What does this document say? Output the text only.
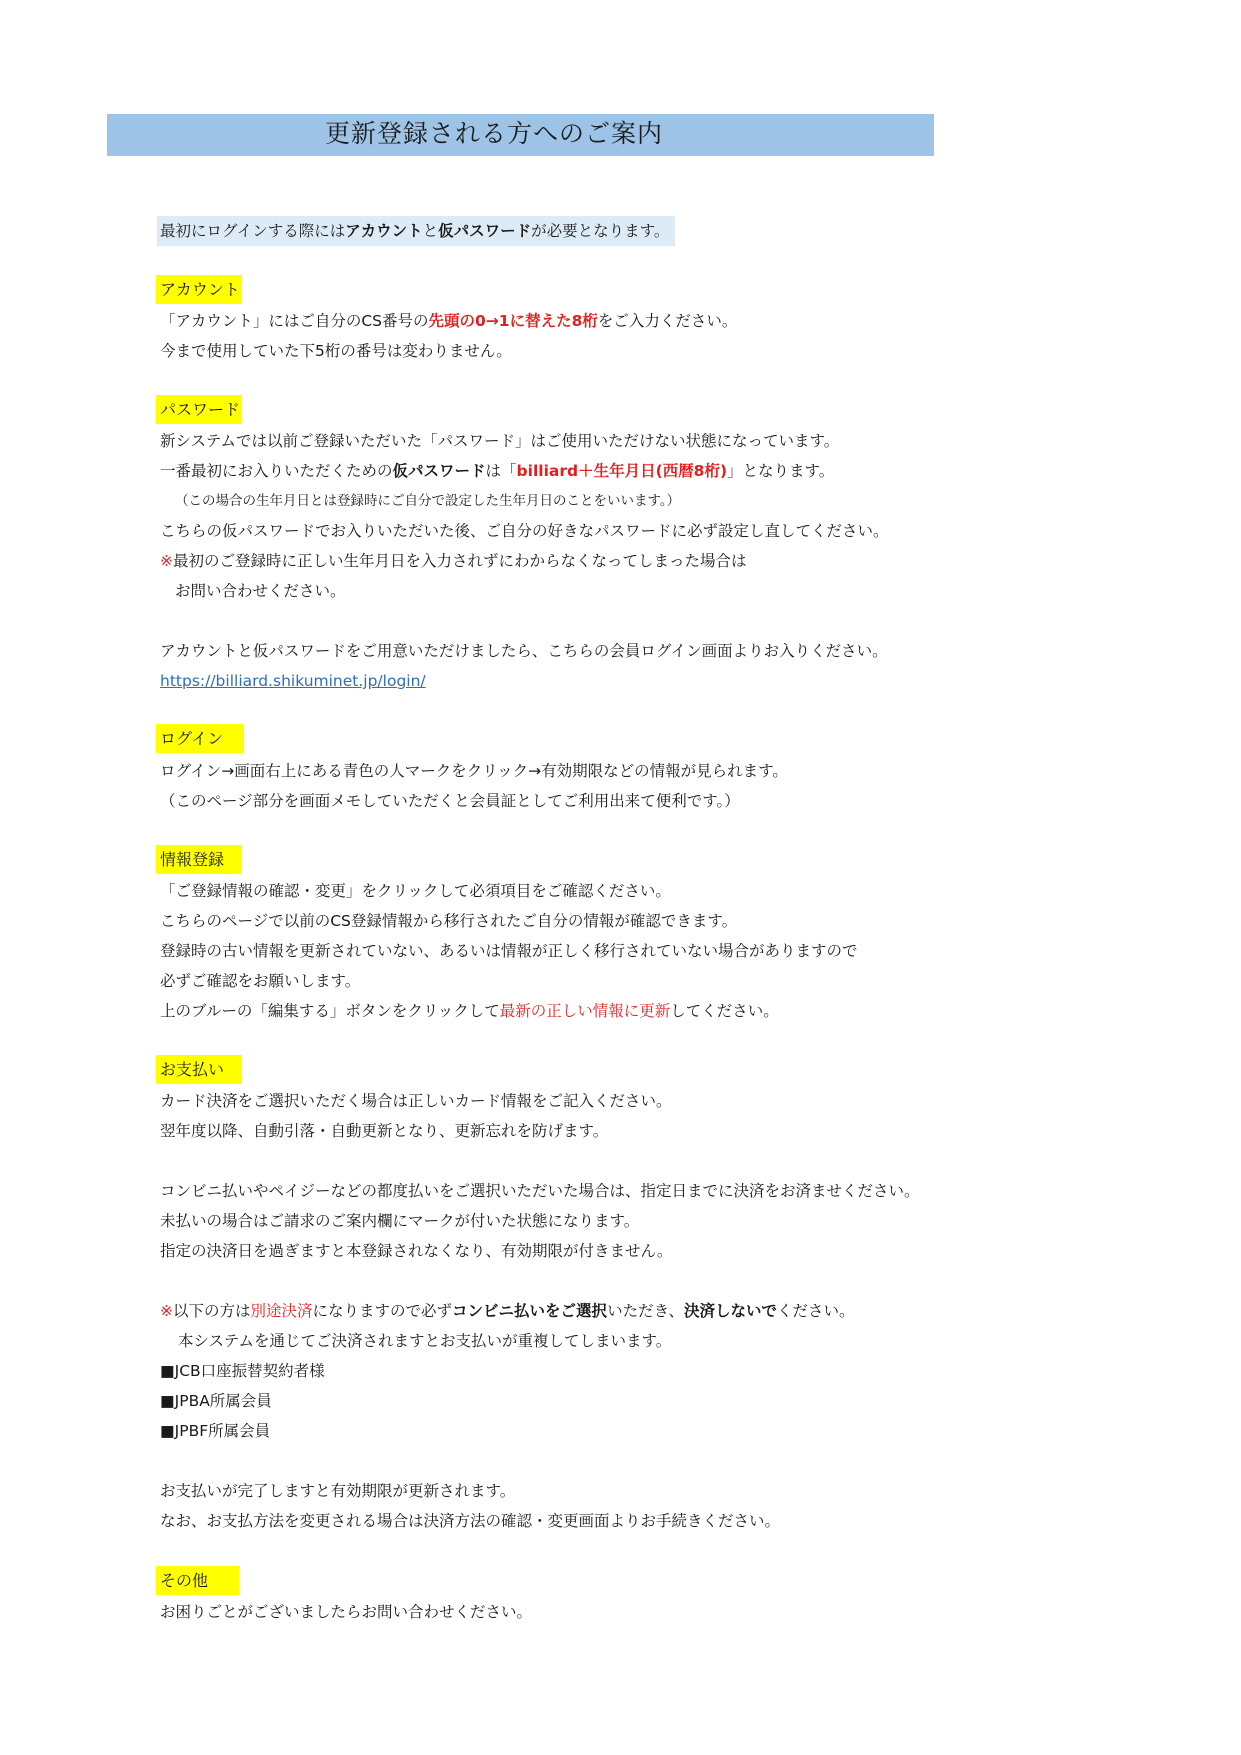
更新登録される方へのご案内
最初にログインする際にはアカウントと仮パスワードが必要となります。
アカウント
「アカウント」にはご自分のCS番号の先頭の0→1に替えた8桁をご入力ください。
今まで使用していた下5桁の番号は変わりません。
パスワード
新システムでは以前ご登録いただいた「パスワード」はご使用いただけない状態になっています。
一番最初にお入りいただくための仮パスワードは「billiard＋生年月日(西暦8桁)」となります。
（この場合の生年月日とは登録時にご自分で設定した生年月日のことをいいます。）
こちらの仮パスワードでお入りいただいた後、ご自分の好きなパスワードに必ず設定し直してください。
※最初のご登録時に正しい生年月日を入力されずにわからなくなってしまった場合は
お問い合わせください。
アカウントと仮パスワードをご用意いただけましたら、こちらの会員ログイン画面よりお入りください。
https://billiard.shikuminet.jp/login/
ログイン
ログイン→画面右上にある青色の人マークをクリック→有効期限などの情報が見られます。
（このページ部分を画面メモしていただくと会員証としてご利用出来て便利です。）
情報登録
「ご登録情報の確認・変更」をクリックして必須項目をご確認ください。
こちらのページで以前のCS登録情報から移行されたご自分の情報が確認できます。
登録時の古い情報を更新されていない、あるいは情報が正しく移行されていない場合がありますので
必ずご確認をお願いします。
上のブルーの「編集する」ボタンをクリックして最新の正しい情報に更新してください。
お支払い
カード決済をご選択いただく場合は正しいカード情報をご記入ください。
翌年度以降、自動引落・自動更新となり、更新忘れを防げます。
コンビニ払いやペイジーなどの都度払いをご選択いただいた場合は、指定日までに決済をお済ませください。
未払いの場合はご請求のご案内欄にマークが付いた状態になります。
指定の決済日を過ぎますと本登録されなくなり、有効期限が付きません。
※以下の方は別途決済になりますので必ずコンビニ払いをご選択いただき、決済しないでください。
本システムを通じてご決済されますとお支払いが重複してしまいます。
■JCB口座振替契約者様
■JPBA所属会員
■JPBF所属会員
お支払いが完了しますと有効期限が更新されます。
なお、お支払方法を変更される場合は決済方法の確認・変更画面よりお手続きください。
その他
お困りごとがございましたらお問い合わせください。
